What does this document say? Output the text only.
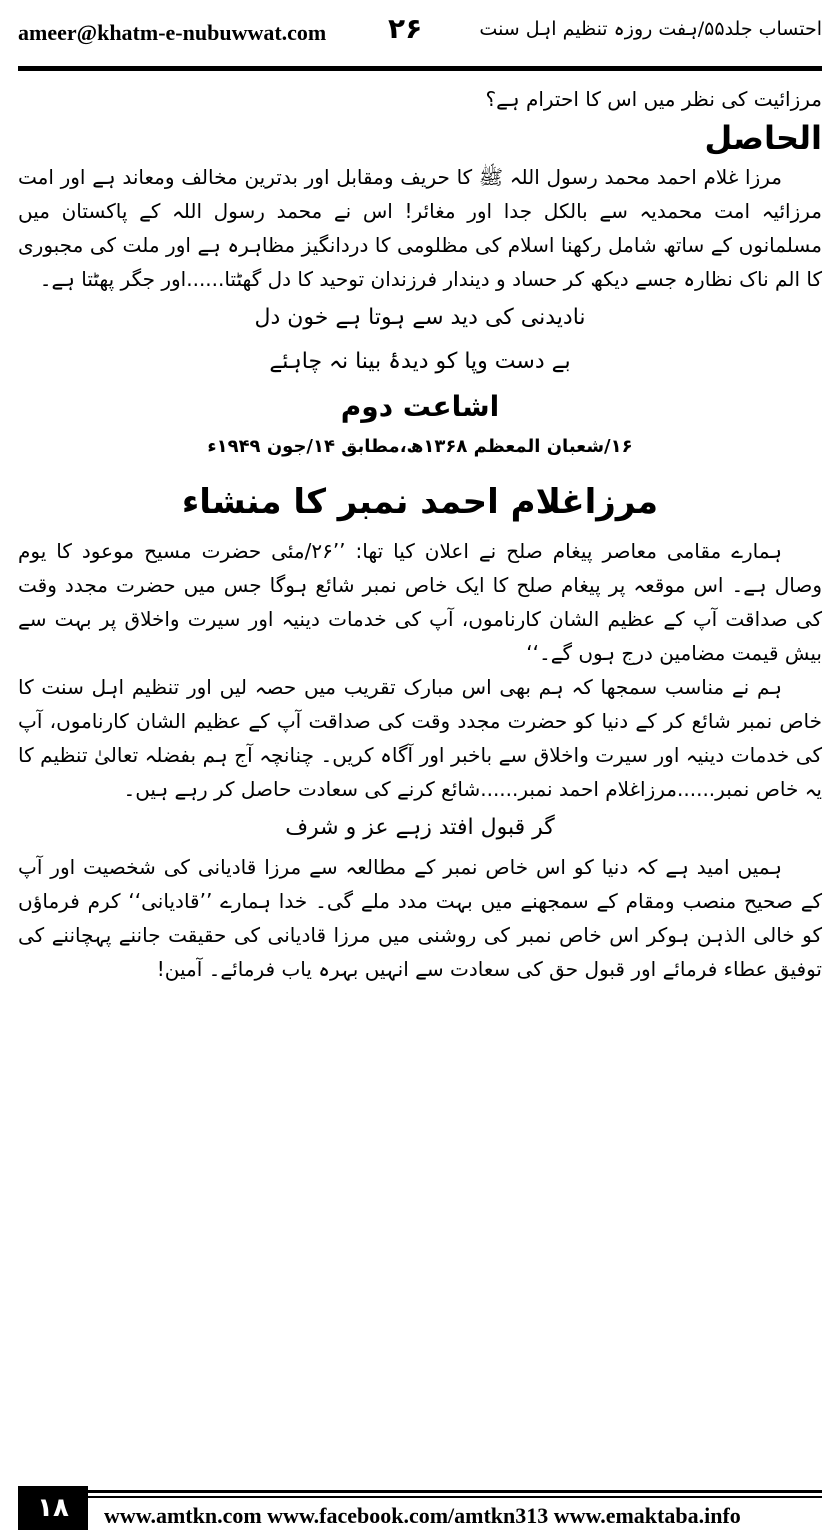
ameer@khatm-e-nubuwwat.com ۲۶	احتساب جلد۵۵/ہفت روزہ تنظیم اہل سنت

مرزائیت کی نظر میں اس کا احترام ہے؟

الحاصل

مرزا غلام احمد محمد رسول اللہ ﷺ کا حریف ومقابل اور بدترین مخالف ومعاند ہے اور امت مرزائیہ امت محمدیہ سے بالکل جدا اور مغائر! اس نے محمد رسول اللہ کے پاکستان میں مسلمانوں کے ساتھ شامل رکھنا اسلام کی مظلومی کا دردانگیز مظاہرہ ہے اور ملت کی مجبوری کا الم ناک نظارہ جسے دیکھ کر حساد و دیندار فرزندان توحید کا دل گھٹتا......اور جگر پھٹتا ہے۔

نادیدنی کی دید سے ہوتا ہے خون دل

بے دست وپا کو دیدۂ بینا نہ چاہئے

اشاعت دوم

۱۶/شعبان المعظم ۱۳۶۸ھ،مطابق ۱۴/جون ۱۹۴۹ء

مرزاغلام احمد نمبر کا منشاء

ہمارے مقامی معاصر پیغام صلح نے اعلان کیا تھا: ’’۲۶/مئی حضرت مسیح موعود کا یوم وصال ہے۔ اس موقعہ پر پیغام صلح کا ایک خاص نمبر شائع ہوگا جس میں حضرت مجدد وقت کی صداقت آپ کے عظیم الشان کارناموں، آپ کی خدمات دینیہ اور سیرت واخلاق پر بہت سے بیش قیمت مضامین درج ہوں گے۔‘‘

ہم نے مناسب سمجھا کہ ہم بھی اس مبارک تقریب میں حصہ لیں اور تنظیم اہل سنت کا خاص نمبر شائع کر کے دنیا کو حضرت مجدد وقت کی صداقت آپ کے عظیم الشان کارناموں، آپ کی خدمات دینیہ اور سیرت واخلاق سے باخبر اور آگاہ کریں۔ چنانچہ آج ہم بفضلہ تعالیٰ تنظیم کا یہ خاص نمبر......مرزاغلام احمد نمبر......شائع کرنے کی سعادت حاصل کر رہے ہیں۔

گر قبول افتد زہے عز و شرف

ہمیں امید ہے کہ دنیا کو اس خاص نمبر کے مطالعہ سے مرزا قادیانی کی شخصیت اور آپ کے صحیح منصب ومقام کے سمجھنے میں بہت مدد ملے گی۔ خدا ہمارے ’’قادیانی‘‘ کرم فرماؤں کو خالی الذہن ہوکر اس خاص نمبر کی روشنی میں مرزا قادیانی کی حقیقت جاننے پہچاننے کی توفیق عطاء فرمائے اور قبول حق کی سعادت سے انہیں بہرہ یاب فرمائے۔ آمین!

۱۸	www.amtkn.com www.facebook.com/amtkn313 www.emaktaba.info
